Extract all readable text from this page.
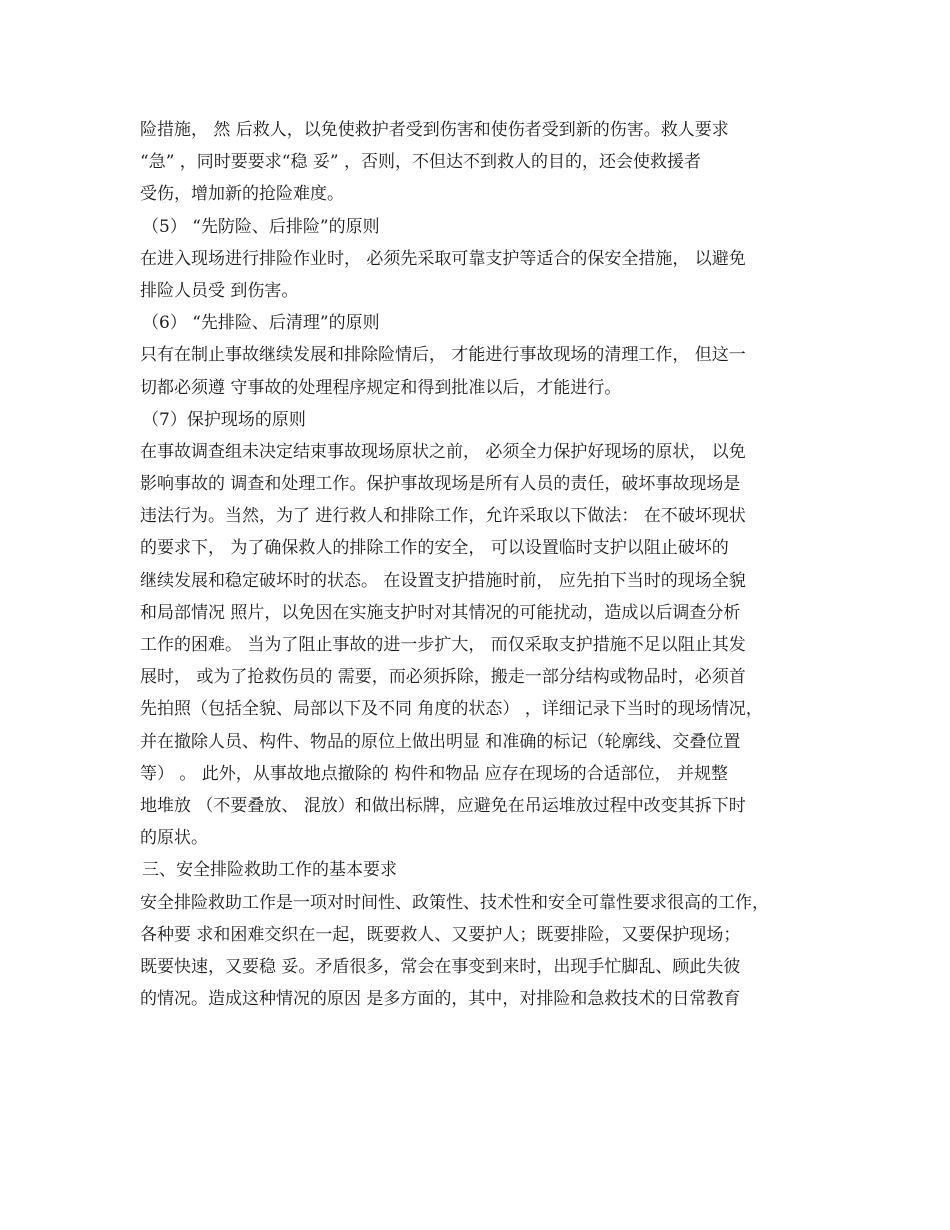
险措施， 然 后救人，以免使救护者受到伤害和使伤者受到新的伤害。救人要求
“急” ，同时要要求“稳 妥” ，否则，不但达不到救人的目的，还会使救援者
受伤，增加新的抢险难度。
（5） “先防险、后排险”的原则
在进入现场进行排险作业时， 必须先采取可靠支护等适合的保安全措施， 以避免
排险人员受 到伤害。
（6） “先排险、后清理”的原则
只有在制止事故继续发展和排除险情后， 才能进行事故现场的清理工作， 但这一
切都必须遵 守事故的处理程序规定和得到批准以后，才能进行。
（7）保护现场的原则
在事故调查组未决定结束事故现场原状之前， 必须全力保护好现场的原状， 以免
影响事故的 调查和处理工作。保护事故现场是所有人员的责任，破坏事故现场是
违法行为。当然，为了 进行救人和排除工作，允许采取以下做法： 在不破坏现状
的要求下， 为了确保救人的排除工作的安全， 可以设置临时支护以阻止破坏的
继续发展和稳定破坏时的状态。 在设置支护措施时前， 应先拍下当时的现场全貌
和局部情况 照片，以免因在实施支护时对其情况的可能扰动，造成以后调查分析
工作的困难。 当为了阻止事故的进一步扩大， 而仅采取支护措施不足以阻止其发
展时， 或为了抢救伤员的 需要，而必须拆除，搬走一部分结构或物品时，必须首
先拍照（包括全貌、局部以下及不同 角度的状态） ，详细记录下当时的现场情况，
并在撤除人员、构件、物品的原位上做出明显 和准确的标记（轮廓线、交叠位置
等） 。 此外，从事故地点撤除的 构件和物品 应存在现场的合适部位， 并规整
地堆放 （不要叠放、 混放）和做出标牌，应避免在吊运堆放过程中改变其拆下时
的原状。
三、安全排险救助工作的基本要求
安全排险救助工作是一项对时间性、政策性、技术性和安全可靠性要求很高的工作，
各种要 求和困难交织在一起，既要救人、又要护人；既要排险，又要保护现场；
既要快速，又要稳 妥。矛盾很多，常会在事变到来时，出现手忙脚乱、顾此失彼
的情况。造成这种情况的原因 是多方面的，其中，对排险和急救技术的日常教育
